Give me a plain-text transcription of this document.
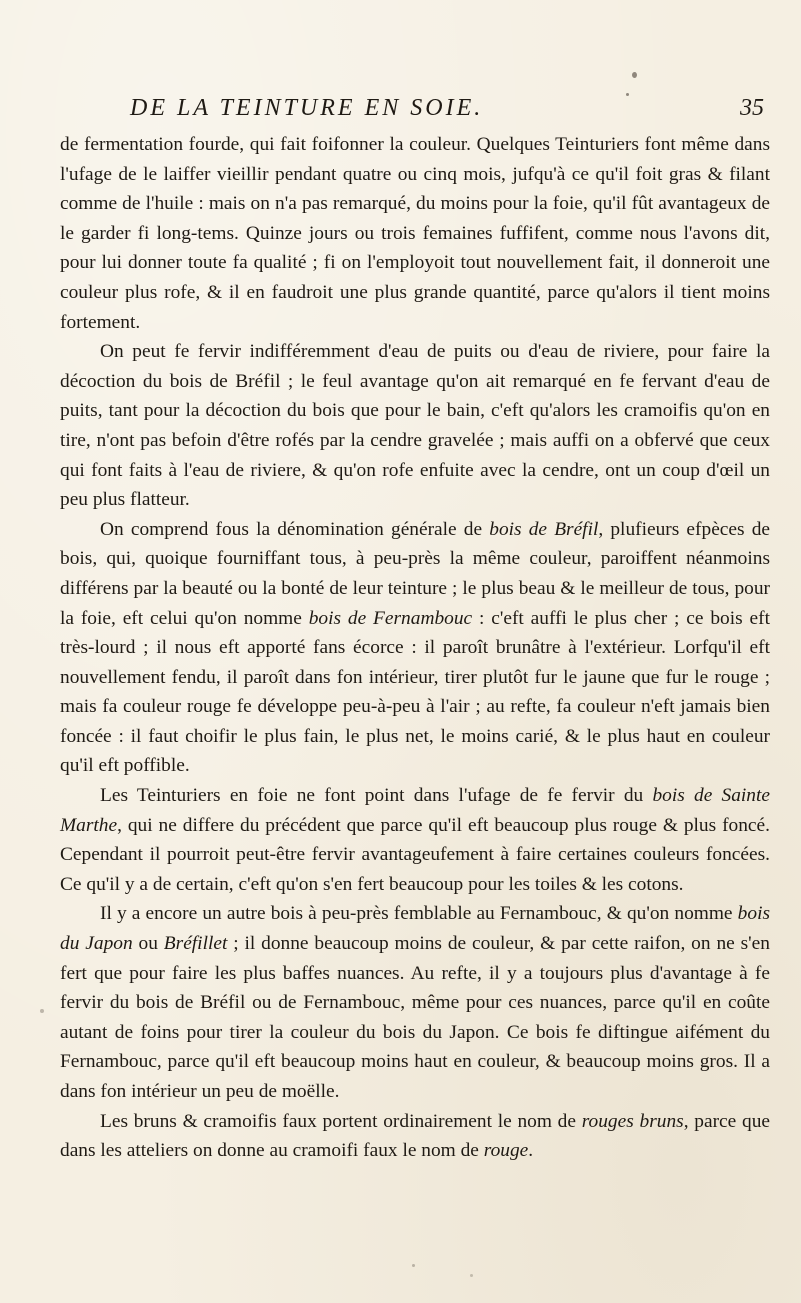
DE LA TEINTURE EN SOIE.	35

de fermentation fourde, qui fait foifonner la couleur. Quelques Teinturiers font même dans l'ufage de le laiffer vieillir pendant quatre ou cinq mois, jufqu'à ce qu'il foit gras & filant comme de l'huile : mais on n'a pas remarqué, du moins pour la foie, qu'il fût avantageux de le garder fi long-tems. Quinze jours ou trois femaines fuffifent, comme nous l'avons dit, pour lui donner toute fa qualité ; fi on l'employoit tout nouvellement fait, il donneroit une couleur plus rofe, & il en faudroit une plus grande quantité, parce qu'alors il tient moins fortement.

On peut fe fervir indifféremment d'eau de puits ou d'eau de riviere, pour faire la décoction du bois de Bréfil ; le feul avantage qu'on ait remarqué en fe fervant d'eau de puits, tant pour la décoction du bois que pour le bain, c'eft qu'alors les cramoifis qu'on en tire, n'ont pas befoin d'être rofés par la cendre gravelée ; mais auffi on a obfervé que ceux qui font faits à l'eau de riviere, & qu'on rofe enfuite avec la cendre, ont un coup d'œil un peu plus flatteur.

On comprend fous la dénomination générale de bois de Bréfil, plufieurs efpèces de bois, qui, quoique fourniffant tous, à peu-près la même couleur, paroiffent néanmoins différens par la beauté ou la bonté de leur teinture ; le plus beau & le meilleur de tous, pour la foie, eft celui qu'on nomme bois de Fernambouc : c'eft auffi le plus cher ; ce bois eft très-lourd ; il nous eft apporté fans écorce : il paroît brunâtre à l'extérieur. Lorfqu'il eft nouvellement fendu, il paroît dans fon intérieur, tirer plutôt fur le jaune que fur le rouge ; mais fa couleur rouge fe développe peu-à-peu à l'air ; au refte, fa couleur n'eft jamais bien foncée : il faut choifir le plus fain, le plus net, le moins carié, & le plus haut en couleur qu'il eft poffible.

Les Teinturiers en foie ne font point dans l'ufage de fe fervir du bois de Sainte Marthe, qui ne differe du précédent que parce qu'il eft beaucoup plus rouge & plus foncé. Cependant il pourroit peut-être fervir avantageufement à faire certaines couleurs foncées. Ce qu'il y a de certain, c'eft qu'on s'en fert beaucoup pour les toiles & les cotons.

Il y a encore un autre bois à peu-près femblable au Fernambouc, & qu'on nomme bois du Japon ou Bréfillet ; il donne beaucoup moins de couleur, & par cette raifon, on ne s'en fert que pour faire les plus baffes nuances. Au refte, il y a toujours plus d'avantage à fe fervir du bois de Bréfil ou de Fernambouc, même pour ces nuances, parce qu'il en coûte autant de foins pour tirer la couleur du bois du Japon. Ce bois fe diftingue aifément du Fernambouc, parce qu'il eft beaucoup moins haut en couleur, & beaucoup moins gros. Il a dans fon intérieur un peu de moëlle.

Les bruns & cramoifis faux portent ordinairement le nom de rouges bruns, parce que dans les atteliers on donne au cramoifi faux le nom de rouge.
